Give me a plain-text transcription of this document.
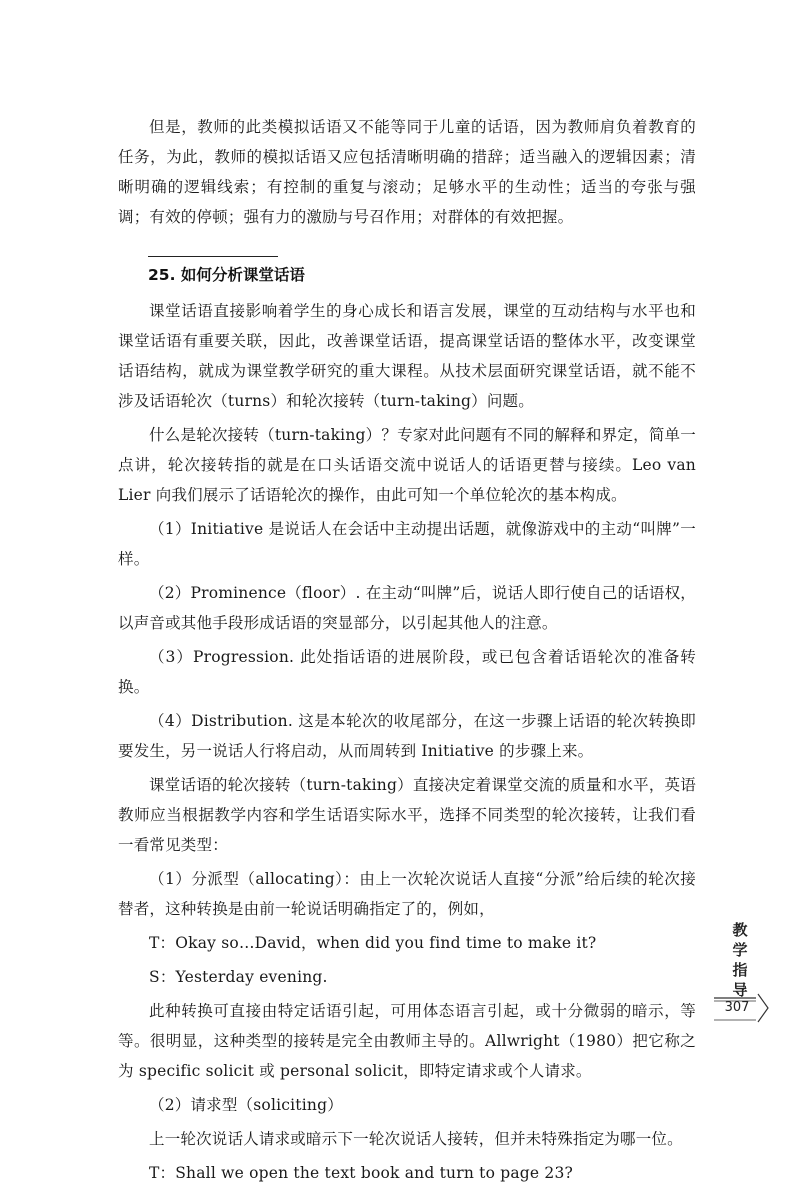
但是，教师的此类模拟话语又不能等同于儿童的话语，因为教师肩负着教育的任务，为此，教师的模拟话语又应包括清晰明确的措辞；适当融入的逻辑因素；清晰明确的逻辑线索；有控制的重复与滚动；足够水平的生动性；适当的夸张与强调；有效的停顿；强有力的激励与号召作用；对群体的有效把握。

25. 如何分析课堂话语

课堂话语直接影响着学生的身心成长和语言发展，课堂的互动结构与水平也和课堂话语有重要关联，因此，改善课堂话语，提高课堂话语的整体水平，改变课堂话语结构，就成为课堂教学研究的重大课程。从技术层面研究课堂话语，就不能不涉及话语轮次（turns）和轮次接转（turn-taking）问题。

什么是轮次接转（turn-taking）？专家对此问题有不同的解释和界定，简单一点讲，轮次接转指的就是在口头话语交流中说话人的话语更替与接续。Leo van Lier 向我们展示了话语轮次的操作，由此可知一个单位轮次的基本构成。

（1）Initiative 是说话人在会话中主动提出话题，就像游戏中的主动“叫牌”一样。

（2）Prominence（floor）. 在主动“叫牌”后，说话人即行使自己的话语权，以声音或其他手段形成话语的突显部分，以引起其他人的注意。

（3）Progression. 此处指话语的进展阶段，或已包含着话语轮次的准备转换。

（4）Distribution. 这是本轮次的收尾部分，在这一步骤上话语的轮次转换即要发生，另一说话人行将启动，从而周转到 Initiative 的步骤上来。

课堂话语的轮次接转（turn-taking）直接决定着课堂交流的质量和水平，英语教师应当根据教学内容和学生话语实际水平，选择不同类型的轮次接转，让我们看一看常见类型：

（1）分派型（allocating）：由上一次轮次说话人直接“分派”给后续的轮次接替者，这种转换是由前一轮说话明确指定了的，例如，

T：Okay so…David，when did you find time to make it?

S：Yesterday evening.

此种转换可直接由特定话语引起，可用体态语言引起，或十分微弱的暗示，等等。很明显，这种类型的接转是完全由教师主导的。Allwright（1980）把它称之为 specific solicit 或 personal solicit，即特定请求或个人请求。

（2）请求型（soliciting）

上一轮次说话人请求或暗示下一轮次说话人接转，但并未特殊指定为哪一位。

T：Shall we open the text book and turn to page 23?

教
学
指
导
307
